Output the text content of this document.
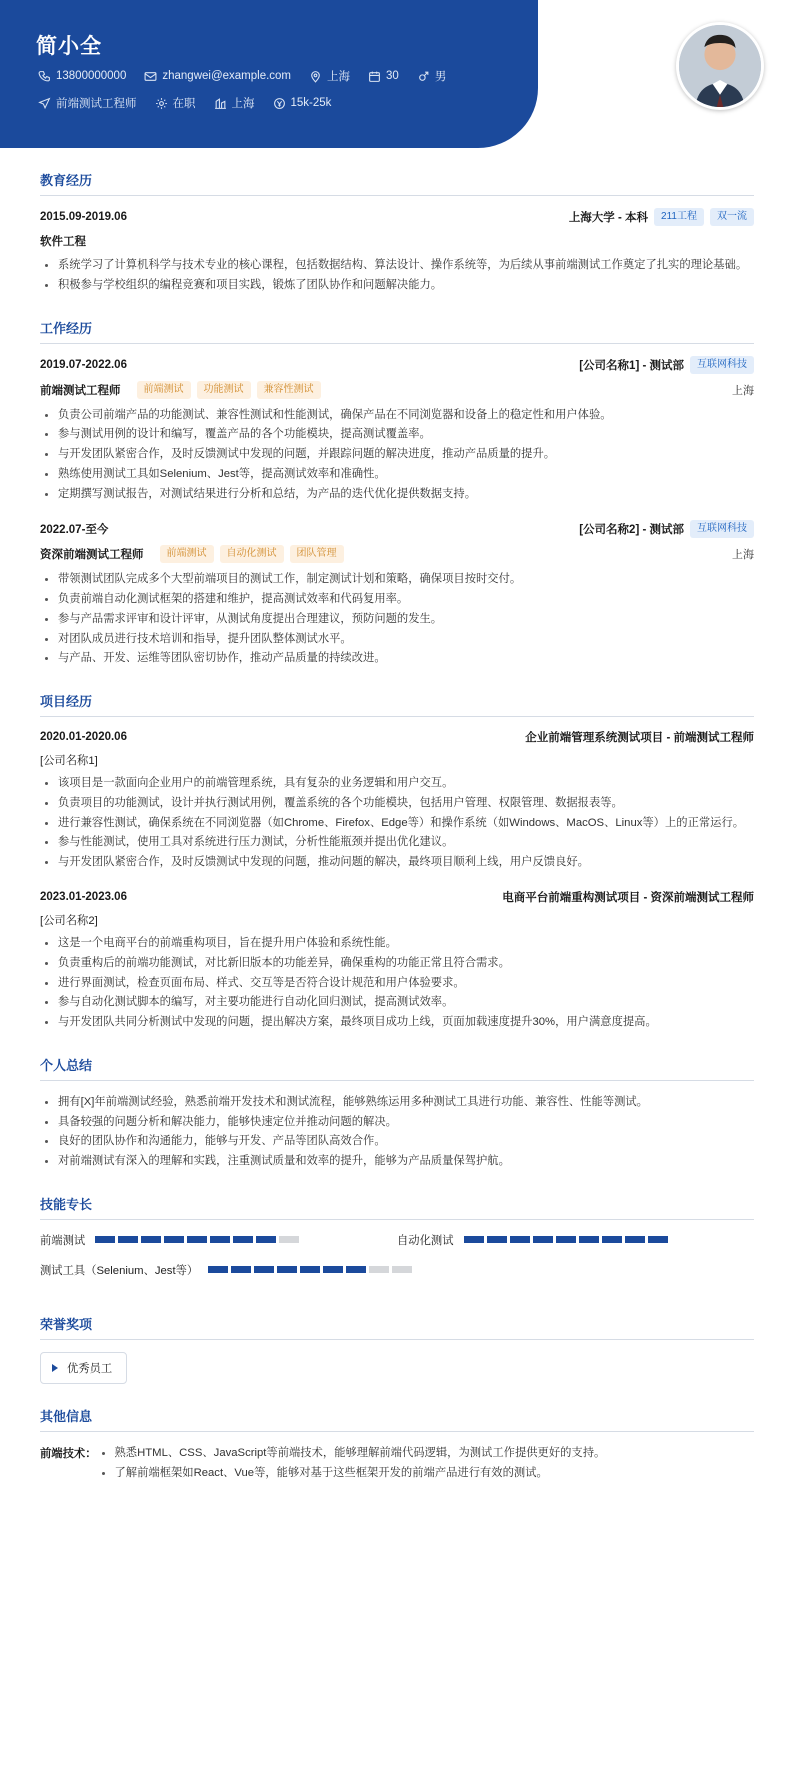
简小全
13800000000	zhangwei@example.com	上海	30	男
前端测试工程师	在职	上海	15k-25k
教育经历
2015.09-2019.06	上海大学 - 本科	211工程	双一流
软件工程
系统学习了计算机科学与技术专业的核心课程，包括数据结构、算法设计、操作系统等，为后续从事前端测试工作奠定了扎实的理论基础。
积极参与学校组织的编程竞赛和项目实践，锻炼了团队协作和问题解决能力。
工作经历
2019.07-2022.06	[公司名称1] - 测试部	互联网科技
前端测试工程师	前端测试	功能测试	兼容性测试	上海
负责公司前端产品的功能测试、兼容性测试和性能测试，确保产品在不同浏览器和设备上的稳定性和用户体验。
参与测试用例的设计和编写，覆盖产品的各个功能模块，提高测试覆盖率。
与开发团队紧密合作，及时反馈测试中发现的问题，并跟踪问题的解决进度，推动产品质量的提升。
熟练使用测试工具如Selenium、Jest等，提高测试效率和准确性。
定期撰写测试报告，对测试结果进行分析和总结，为产品的迭代优化提供数据支持。
2022.07-至今	[公司名称2] - 测试部	互联网科技
资深前端测试工程师	前端测试	自动化测试	团队管理	上海
带领测试团队完成多个大型前端项目的测试工作，制定测试计划和策略，确保项目按时交付。
负责前端自动化测试框架的搭建和维护，提高测试效率和代码复用率。
参与产品需求评审和设计评审，从测试角度提出合理建议，预防问题的发生。
对团队成员进行技术培训和指导，提升团队整体测试水平。
与产品、开发、运维等团队密切协作，推动产品质量的持续改进。
项目经历
2020.01-2020.06	企业前端管理系统测试项目 - 前端测试工程师
[公司名称1]
该项目是一款面向企业用户的前端管理系统，具有复杂的业务逻辑和用户交互。
负责项目的功能测试，设计并执行测试用例，覆盖系统的各个功能模块，包括用户管理、权限管理、数据报表等。
进行兼容性测试，确保系统在不同浏览器（如Chrome、Firefox、Edge等）和操作系统（如Windows、MacOS、Linux等）上的正常运行。
参与性能测试，使用工具对系统进行压力测试，分析性能瓶颈并提出优化建议。
与开发团队紧密合作，及时反馈测试中发现的问题，推动问题的解决，最终项目顺利上线，用户反馈良好。
2023.01-2023.06	电商平台前端重构测试项目 - 资深前端测试工程师
[公司名称2]
这是一个电商平台的前端重构项目，旨在提升用户体验和系统性能。
负责重构后的前端功能测试，对比新旧版本的功能差异，确保重构的功能正常且符合需求。
进行界面测试，检查页面布局、样式、交互等是否符合设计规范和用户体验要求。
参与自动化测试脚本的编写，对主要功能进行自动化回归测试，提高测试效率。
与开发团队共同分析测试中发现的问题，提出解决方案，最终项目成功上线，页面加载速度提升30%，用户满意度提高。
个人总结
拥有[X]年前端测试经验，熟悉前端开发技术和测试流程，能够熟练运用多种测试工具进行功能、兼容性、性能等测试。
具备较强的问题分析和解决能力，能够快速定位并推动问题的解决。
良好的团队协作和沟通能力，能够与开发、产品等团队高效合作。
对前端测试有深入的理解和实践，注重测试质量和效率的提升，能够为产品质量保驾护航。
技能专长
前端测试	自动化测试
测试工具（Selenium、Jest等）
荣誉奖项
优秀员工
其他信息
前端技术： 熟悉HTML、CSS、JavaScript等前端技术，能够理解前端代码逻辑，为测试工作提供更好的支持。
了解前端框架如React、Vue等，能够对基于这些框架开发的前端产品进行有效的测试。
